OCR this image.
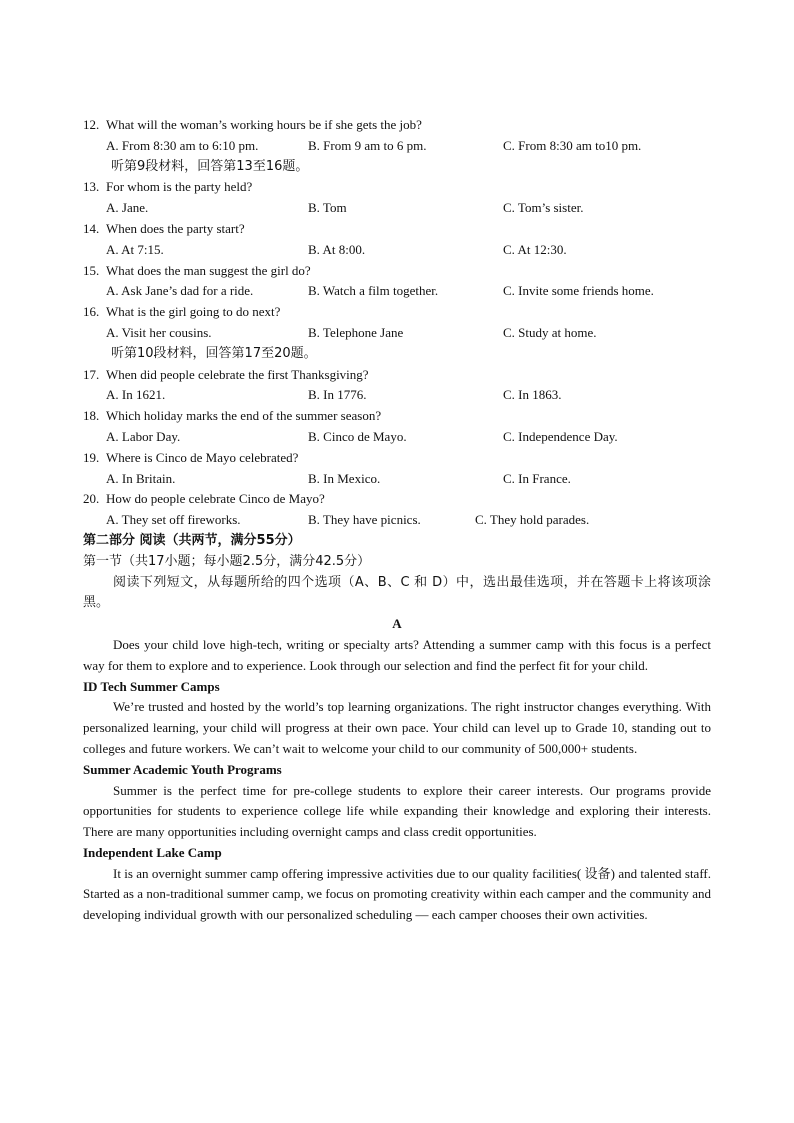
12. What will the woman’s working hours be if she gets the job?
A. From 8:30 am to 6:10 pm.	B. From 9 am to 6 pm.	C. From 8:30 am to10 pm.
听第9段材料，回答第13至16题。
13. For whom is the party held?
A. Jane.	B. Tom	C. Tom’s sister.
14. When does the party start?
A. At 7:15.	B. At 8:00.	C. At 12:30.
15. What does the man suggest the girl do?
A. Ask Jane’s dad for a ride.	B. Watch a film together.	C. Invite some friends home.
16. What is the girl going to do next?
A. Visit her cousins.	B. Telephone Jane	C. Study at home.
听第10段材料，回答第17至20题。
17. When did people celebrate the first Thanksgiving?
A. In 1621.	B. In 1776.	C. In 1863.
18. Which holiday marks the end of the summer season?
A. Labor Day.	B. Cinco de Mayo.	C. Independence Day.
19. Where is Cinco de Mayo celebrated?
A. In Britain.	B. In Mexico.	C. In France.
20. How do people celebrate Cinco de Mayo?
A. They set off fireworks.	B. They have picnics.	C. They hold parades.
第二部分 阅读（共两节，满分55分）
第一节（共17小题；每小题2.5分，满分42.5分）

阅读下列短文，从每题所给的四个选项（A、B、C 和 D）中，选出最佳选项，并在答题卡上将该项涂黑。

A

Does your child love high-tech, writing or specialty arts? Attending a summer camp with this focus is a perfect way for them to explore and to experience. Look through our selection and find the perfect fit for your child.

ID Tech Summer Camps

We’re trusted and hosted by the world’s top learning organizations. The right instructor changes everything. With personalized learning, your child will progress at their own pace. Your child can level up to Grade 10, standing out to colleges and future workers. We can’t wait to welcome your child to our community of 500,000+ students.

Summer Academic Youth Programs

Summer is the perfect time for pre-college students to explore their career interests. Our programs provide opportunities for students to experience college life while expanding their knowledge and exploring their interests. There are many opportunities including overnight camps and class credit opportunities.

Independent Lake Camp

It is an overnight summer camp offering impressive activities due to our quality facilities( 设备) and talented staff. Started as a non-traditional summer camp, we focus on promoting creativity within each camper and the community and developing individual growth with our personalized scheduling — each camper chooses their own activities.
